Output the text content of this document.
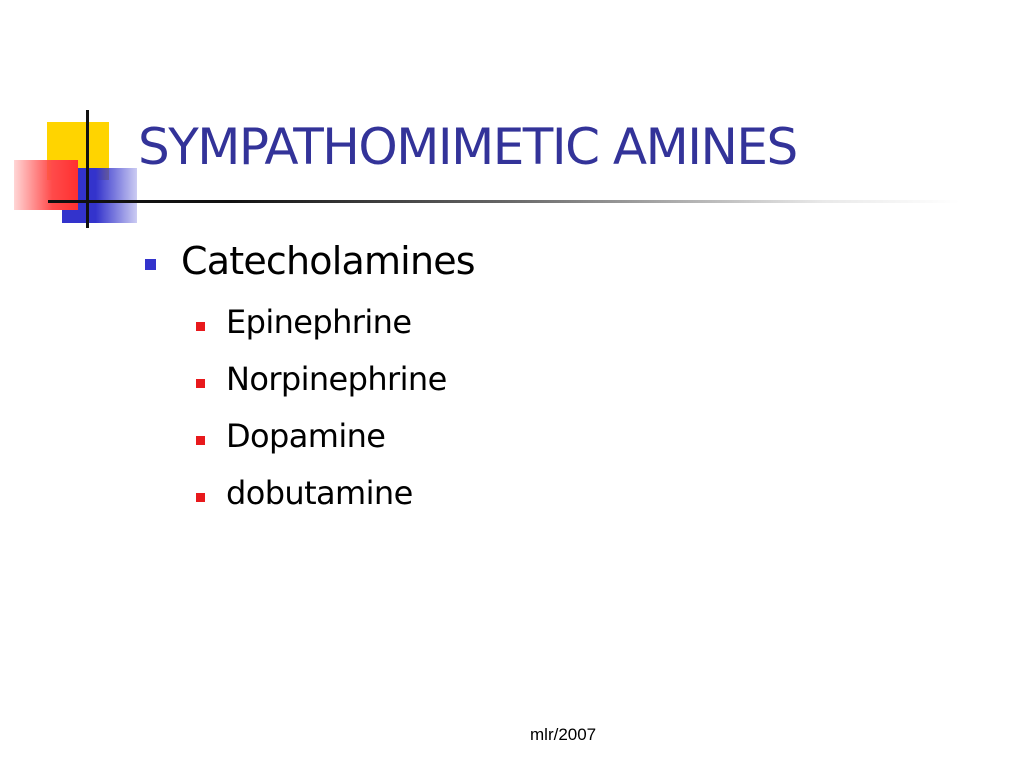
SYMPATHOMIMETIC AMINES
Catecholamines
Epinephrine
Norpinephrine
Dopamine
dobutamine
mlr/2007
